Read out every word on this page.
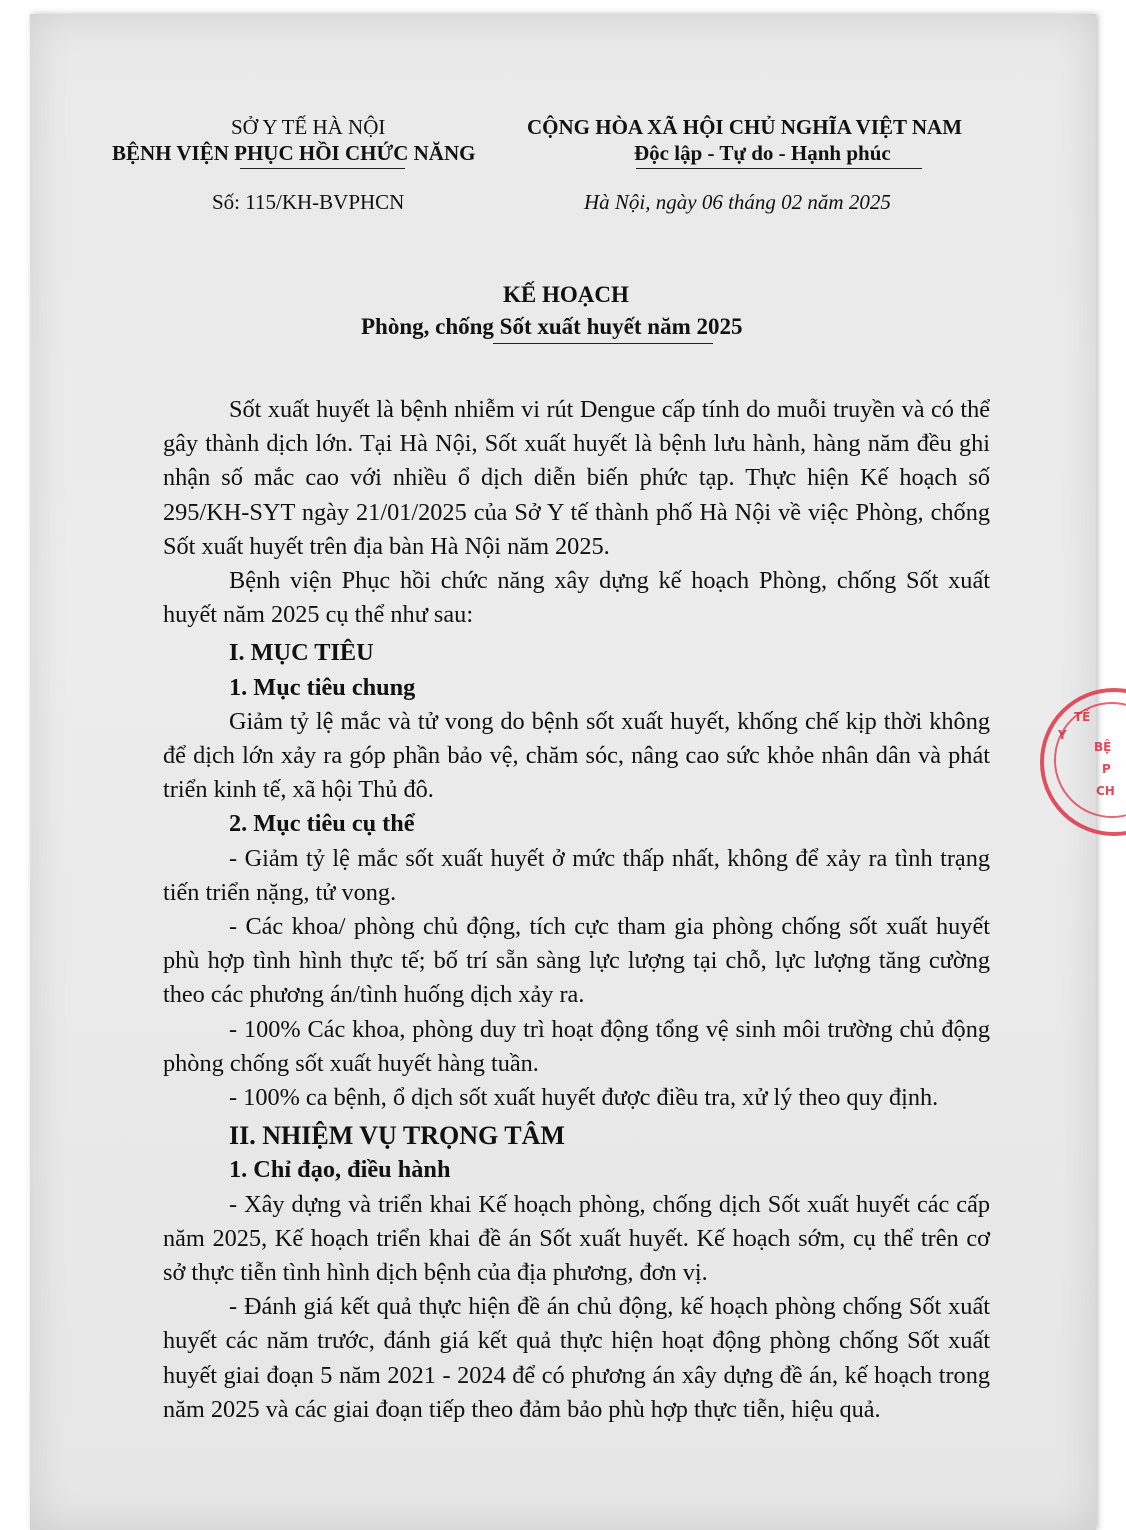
SỞ Y TẾ HÀ NỘI
BỆNH VIỆN PHỤC HỒI CHỨC NĂNG
Số: 115/KH-BVPHCN
CỘNG HÒA XÃ HỘI CHỦ NGHĨA VIỆT NAM
Độc lập - Tự do - Hạnh phúc
Hà Nội, ngày 06 tháng 02 năm 2025
KẾ HOẠCH
Phòng, chống Sốt xuất huyết năm 2025

Sốt xuất huyết là bệnh nhiễm vi rút Dengue cấp tính do muỗi truyền và có thể gây thành dịch lớn. Tại Hà Nội, Sốt xuất huyết là bệnh lưu hành, hàng năm đều ghi nhận số mắc cao với nhiều ổ dịch diễn biến phức tạp. Thực hiện Kế hoạch số 295/KH-SYT ngày 21/01/2025 của Sở Y tế thành phố Hà Nội về việc Phòng, chống Sốt xuất huyết trên địa bàn Hà Nội năm 2025.

Bệnh viện Phục hồi chức năng xây dựng kế hoạch Phòng, chống Sốt xuất huyết năm 2025 cụ thể như sau:

I. MỤC TIÊU

1. Mục tiêu chung

Giảm tỷ lệ mắc và tử vong do bệnh sốt xuất huyết, khống chế kịp thời không để dịch lớn xảy ra góp phần bảo vệ, chăm sóc, nâng cao sức khỏe nhân dân và phát triển kinh tế, xã hội Thủ đô.

2. Mục tiêu cụ thể

- Giảm tỷ lệ mắc sốt xuất huyết ở mức thấp nhất, không để xảy ra tình trạng tiến triển nặng, tử vong.

- Các khoa/ phòng chủ động, tích cực tham gia phòng chống sốt xuất huyết phù hợp tình hình thực tế; bố trí sẵn sàng lực lượng tại chỗ, lực lượng tăng cường theo các phương án/tình huống dịch xảy ra.

- 100% Các khoa, phòng duy trì hoạt động tổng vệ sinh môi trường chủ động phòng chống sốt xuất huyết hàng tuần.

- 100% ca bệnh, ổ dịch sốt xuất huyết được điều tra, xử lý theo quy định.

II. NHIỆM VỤ TRỌNG TÂM

1. Chỉ đạo, điều hành

- Xây dựng và triển khai Kế hoạch phòng, chống dịch Sốt xuất huyết các cấp năm 2025, Kế hoạch triển khai đề án Sốt xuất huyết. Kế hoạch sớm, cụ thể trên cơ sở thực tiễn tình hình dịch bệnh của địa phương, đơn vị.

- Đánh giá kết quả thực hiện đề án chủ động, kế hoạch phòng chống Sốt xuất huyết các năm trước, đánh giá kết quả thực hiện hoạt động phòng chống Sốt xuất huyết giai đoạn 5 năm 2021 - 2024 để có phương án xây dựng đề án, kế hoạch trong năm 2025 và các giai đoạn tiếp theo đảm bảo phù hợp thực tiễn, hiệu quả.

Y
TẾ
BỆ
P
CH
